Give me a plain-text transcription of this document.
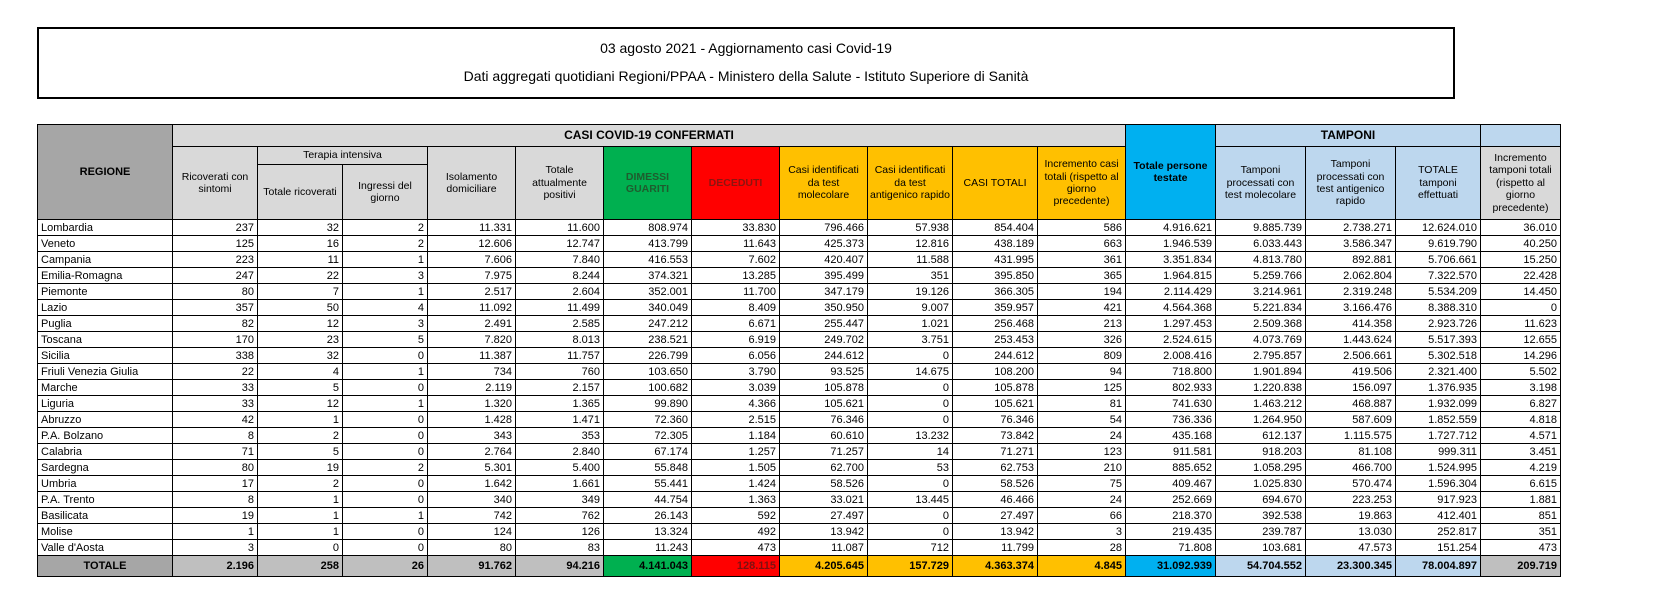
03 agosto 2021 - Aggiornamento casi Covid-19
Dati aggregati quotidiani Regioni/PPAA - Ministero della Salute - Istituto Superiore di Sanità
REGIONE	CASI COVID-19 CONFERMATI											Totale persone testate	TAMPONI			
	Ricoverati con sintomi	Terapia intensiva		Isolamento domiciliare	Totale attualmente positivi	DIMESSI GUARITI	DECEDUTI	Casi identificati da test molecolare	Casi identificati da test antigenico rapido	CASI TOTALI	Incremento casi totali (rispetto al giorno precedente)		Tamponi processati con test molecolare	Tamponi processati con test antigenico rapido	TOTALE tamponi effettuati	Incremento tamponi totali (rispetto al giorno precedente)
		Totale ricoverati	Ingressi del giorno													
Lombardia	237	32	2	11.331	11.600	808.974	33.830	796.466	57.938	854.404	586	4.916.621	9.885.739	2.738.271	12.624.010	36.010
Veneto	125	16	2	12.606	12.747	413.799	11.643	425.373	12.816	438.189	663	1.946.539	6.033.443	3.586.347	9.619.790	40.250
Campania	223	11	1	7.606	7.840	416.553	7.602	420.407	11.588	431.995	361	3.351.834	4.813.780	892.881	5.706.661	15.250
Emilia-Romagna	247	22	3	7.975	8.244	374.321	13.285	395.499	351	395.850	365	1.964.815	5.259.766	2.062.804	7.322.570	22.428
Piemonte	80	7	1	2.517	2.604	352.001	11.700	347.179	19.126	366.305	194	2.114.429	3.214.961	2.319.248	5.534.209	14.450
Lazio	357	50	4	11.092	11.499	340.049	8.409	350.950	9.007	359.957	421	4.564.368	5.221.834	3.166.476	8.388.310	0
Puglia	82	12	3	2.491	2.585	247.212	6.671	255.447	1.021	256.468	213	1.297.453	2.509.368	414.358	2.923.726	11.623
Toscana	170	23	5	7.820	8.013	238.521	6.919	249.702	3.751	253.453	326	2.524.615	4.073.769	1.443.624	5.517.393	12.655
Sicilia	338	32	0	11.387	11.757	226.799	6.056	244.612	0	244.612	809	2.008.416	2.795.857	2.506.661	5.302.518	14.296
Friuli Venezia Giulia	22	4	1	734	760	103.650	3.790	93.525	14.675	108.200	94	718.800	1.901.894	419.506	2.321.400	5.502
Marche	33	5	0	2.119	2.157	100.682	3.039	105.878	0	105.878	125	802.933	1.220.838	156.097	1.376.935	3.198
Liguria	33	12	1	1.320	1.365	99.890	4.366	105.621	0	105.621	81	741.630	1.463.212	468.887	1.932.099	6.827
Abruzzo	42	1	0	1.428	1.471	72.360	2.515	76.346	0	76.346	54	736.336	1.264.950	587.609	1.852.559	4.818
P.A. Bolzano	8	2	0	343	353	72.305	1.184	60.610	13.232	73.842	24	435.168	612.137	1.115.575	1.727.712	4.571
Calabria	71	5	0	2.764	2.840	67.174	1.257	71.257	14	71.271	123	911.581	918.203	81.108	999.311	3.451
Sardegna	80	19	2	5.301	5.400	55.848	1.505	62.700	53	62.753	210	885.652	1.058.295	466.700	1.524.995	4.219
Umbria	17	2	0	1.642	1.661	55.441	1.424	58.526	0	58.526	75	409.467	1.025.830	570.474	1.596.304	6.615
P.A. Trento	8	1	0	340	349	44.754	1.363	33.021	13.445	46.466	24	252.669	694.670	223.253	917.923	1.881
Basilicata	19	1	1	742	762	26.143	592	27.497	0	27.497	66	218.370	392.538	19.863	412.401	851
Molise	1	1	0	124	126	13.324	492	13.942	0	13.942	3	219.435	239.787	13.030	252.817	351
Valle d'Aosta	3	0	0	80	83	11.243	473	11.087	712	11.799	28	71.808	103.681	47.573	151.254	473
TOTALE	2.196	258	26	91.762	94.216	4.141.043	128.115	4.205.645	157.729	4.363.374	4.845	31.092.939	54.704.552	23.300.345	78.004.897	209.719
